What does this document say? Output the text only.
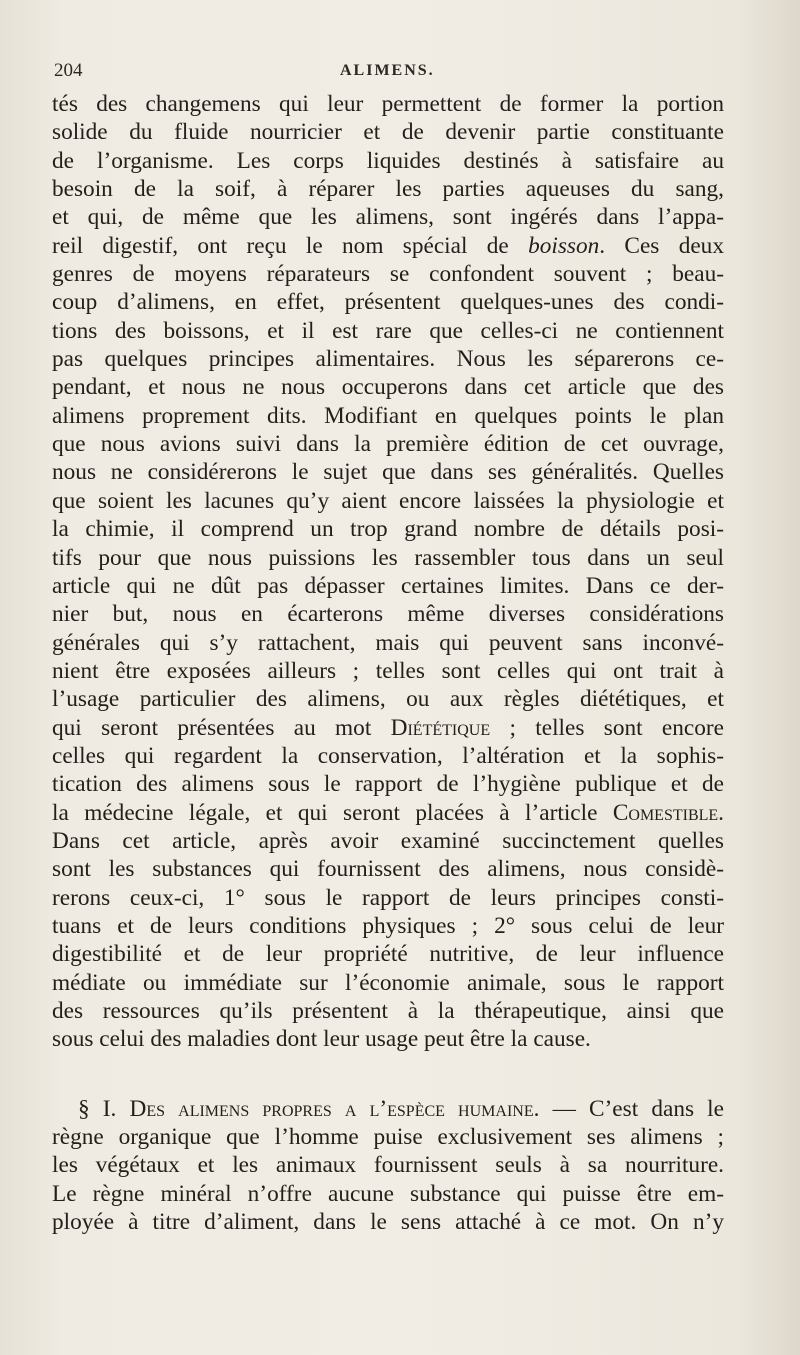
204	ALIMENS.
tés des changemens qui leur permettent de former la portion
solide du fluide nourricier et de devenir partie constituante
de l’organisme. Les corps liquides destinés à satisfaire au
besoin de la soif, à réparer les parties aqueuses du sang,
et qui, de même que les alimens, sont ingérés dans l’appa-
reil digestif, ont reçu le nom spécial de boisson. Ces deux
genres de moyens réparateurs se confondent souvent ; beau-
coup d’alimens, en effet, présentent quelques-unes des condi-
tions des boissons, et il est rare que celles-ci ne contiennent
pas quelques principes alimentaires. Nous les séparerons ce-
pendant, et nous ne nous occuperons dans cet article que des
alimens proprement dits. Modifiant en quelques points le plan
que nous avions suivi dans la première édition de cet ouvrage,
nous ne considérerons le sujet que dans ses généralités. Quelles
que soient les lacunes qu’y aient encore laissées la physiologie et
la chimie, il comprend un trop grand nombre de détails posi-
tifs pour que nous puissions les rassembler tous dans un seul
article qui ne dût pas dépasser certaines limites. Dans ce der-
nier but, nous en écarterons même diverses considérations
générales qui s’y rattachent, mais qui peuvent sans inconvé-
nient être exposées ailleurs ; telles sont celles qui ont trait à
l’usage particulier des alimens, ou aux règles diététiques, et
qui seront présentées au mot Diététique ; telles sont encore
celles qui regardent la conservation, l’altération et la sophis-
tication des alimens sous le rapport de l’hygiène publique et de
la médecine légale, et qui seront placées à l’article Comestible.
Dans cet article, après avoir examiné succinctement quelles
sont les substances qui fournissent des alimens, nous considè-
rerons ceux-ci, 1° sous le rapport de leurs principes consti-
tuans et de leurs conditions physiques ; 2° sous celui de leur
digestibilité et de leur propriété nutritive, de leur influence
médiate ou immédiate sur l’économie animale, sous le rapport
des ressources qu’ils présentent à la thérapeutique, ainsi que
sous celui des maladies dont leur usage peut être la cause.
§ I. Des alimens propres a l’espèce humaine. — C’est dans le
règne organique que l’homme puise exclusivement ses alimens ;
les végétaux et les animaux fournissent seuls à sa nourriture.
Le règne minéral n’offre aucune substance qui puisse être em-
ployée à titre d’aliment, dans le sens attaché à ce mot. On n’y
